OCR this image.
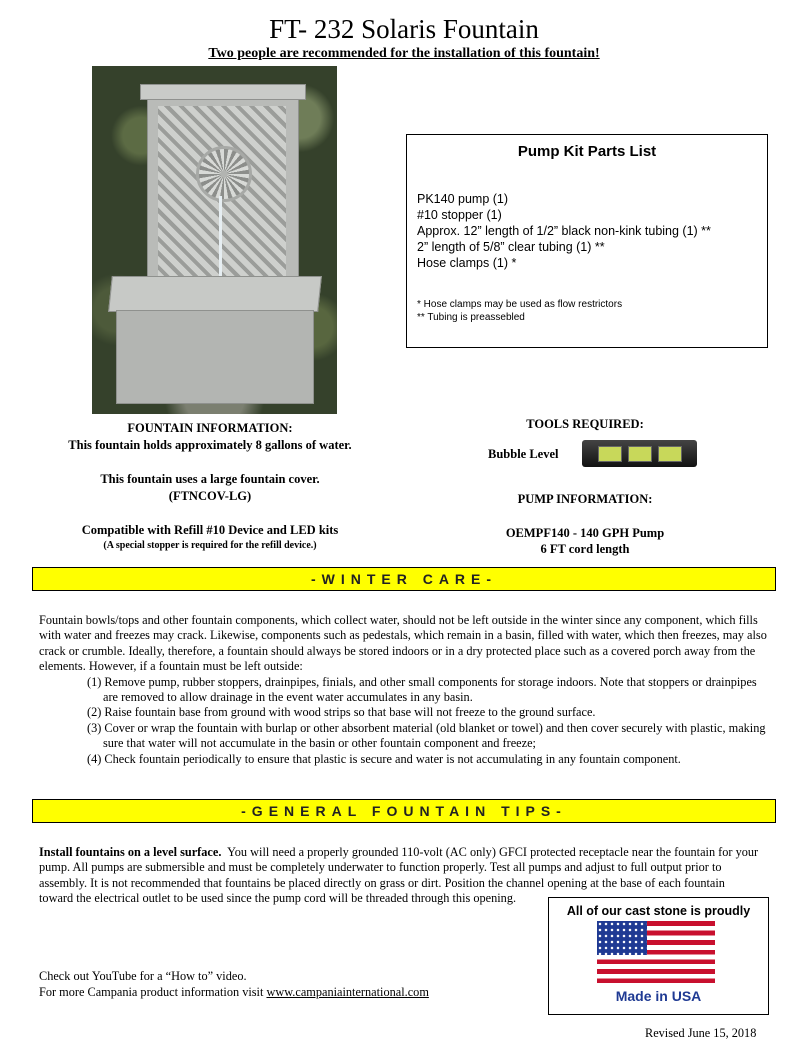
FT- 232 Solaris Fountain
Two people are recommended for the installation of this fountain!
Pump Kit Parts List
PK140 pump (1)
#10 stopper (1)
Approx. 12” length of 1/2” black non-kink tubing (1) **
2” length of 5/8” clear tubing (1) **
Hose clamps (1) *
* Hose clamps may be used as flow restrictors
** Tubing is preassebled
FOUNTAIN INFORMATION:
This fountain holds approximately 8 gallons of water.
This fountain uses a large fountain cover.
(FTNCOV-LG)
Compatible with Refill #10 Device and LED kits
(A special stopper is required for the refill device.)
TOOLS REQUIRED:
Bubble Level
PUMP INFORMATION:
OEMPF140 - 140 GPH Pump
6 FT cord length
-WINTER CARE-
Fountain bowls/tops and other fountain components, which collect water, should not be left outside in the winter since any component, which fills with water and freezes may crack. Likewise, components such as pedestals, which remain in a basin, filled with water, which then freezes, may also crack or crumble. Ideally, therefore, a fountain should always be stored indoors or in a dry protected place such as a covered porch away from the elements. However, if a fountain must be left outside:
(1) Remove pump, rubber stoppers, drainpipes, finials, and other small components for storage indoors. Note that stoppers or drainpipes are removed to allow drainage in the event water accumulates in any basin.
(2) Raise fountain base from ground with wood strips so that base will not freeze to the ground surface.
(3) Cover or wrap the fountain with burlap or other absorbent material (old blanket or towel) and then cover securely with plastic, making sure that water will not accumulate in the basin or other fountain component and freeze;
(4) Check fountain periodically to ensure that plastic is secure and water is not accumulating in any fountain component.
-GENERAL FOUNTAIN TIPS-
Install fountains on a level surface. You will need a properly grounded 110-volt (AC only) GFCI protected receptacle near the fountain for your pump. All pumps are submersible and must be completely underwater to function properly. Test all pumps and adjust to full output prior to assembly. It is not recommended that fountains be placed directly on grass or dirt. Position the channel opening at the base of each fountain toward the electrical outlet to be used since the pump cord will be threaded through this opening.
Check out YouTube for a “How to” video.
For more Campania product information visit www.campaniainternational.com
All of our cast stone is proudly
Made in USA
Revised June 15, 2018
